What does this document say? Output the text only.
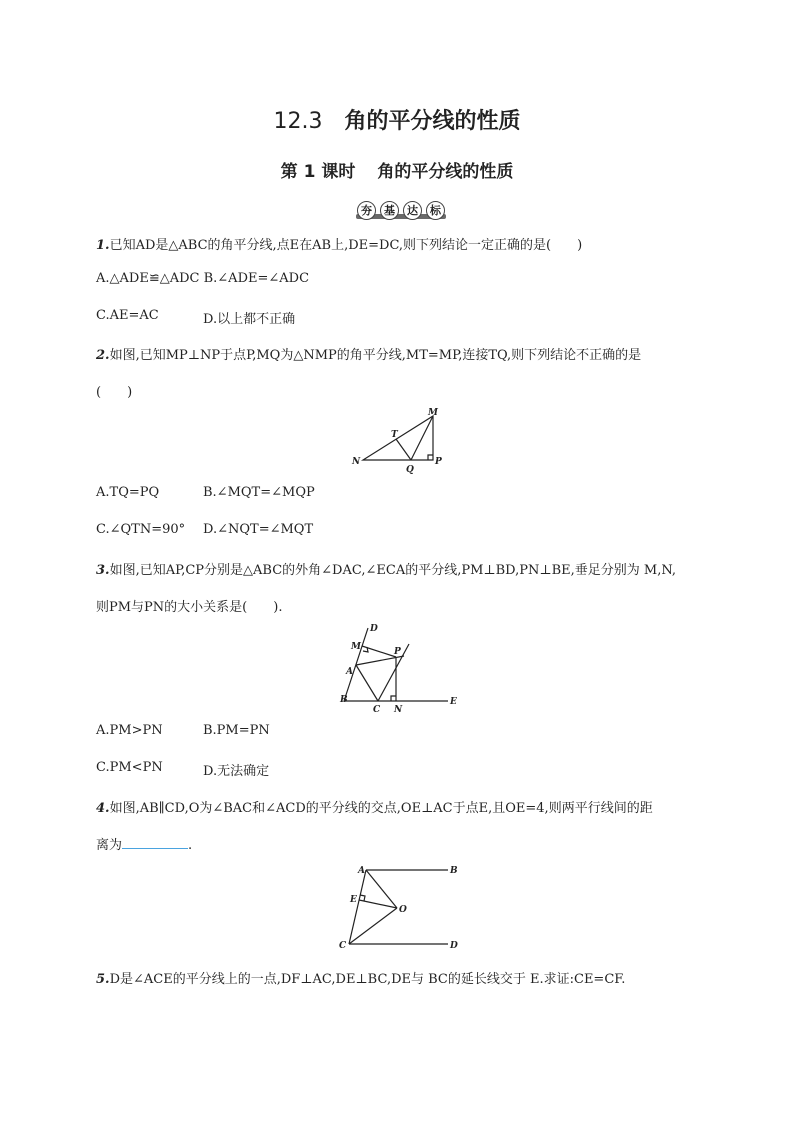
12.3 角的平分线的性质
第 1 课时 角的平分线的性质
夯	基	达	标
1.已知AD是△ABC的角平分线,点E在AB上,DE=DC,则下列结论一定正确的是(　　)
A.△ADE≌△ADC B.∠ADE=∠ADC
C.AE=AC	D.以上都不正确
2.如图,已知MP⊥NP于点P,MQ为△NMP的角平分线,MT=MP,连接TQ,则下列结论不正确的是
(　　)
M
T
N
Q
P
A.TQ=PQ	B.∠MQT=∠MQP
C.∠QTN=90° D.∠NQT=∠MQT
3.如图,已知AP,CP分别是△ABC的外角∠DAC,∠ECA的平分线,PM⊥BD,PN⊥BE,垂足分别为 M,N,
则PM与PN的大小关系是(　　).
D
M	P
A
B
C N
E
A.PM>PN	B.PM=PN
C.PM<PN	D.无法确定
4.如图,AB∥CD,O为∠BAC和∠ACD的平分线的交点,OE⊥AC于点E,且OE=4,则两平行线间的距
离为	.
A	B
E
O
C	D
5.D是∠ACE的平分线上的一点,DF⊥AC,DE⊥BC,DE与 BC的延长线交于 E.求证:CE=CF.
